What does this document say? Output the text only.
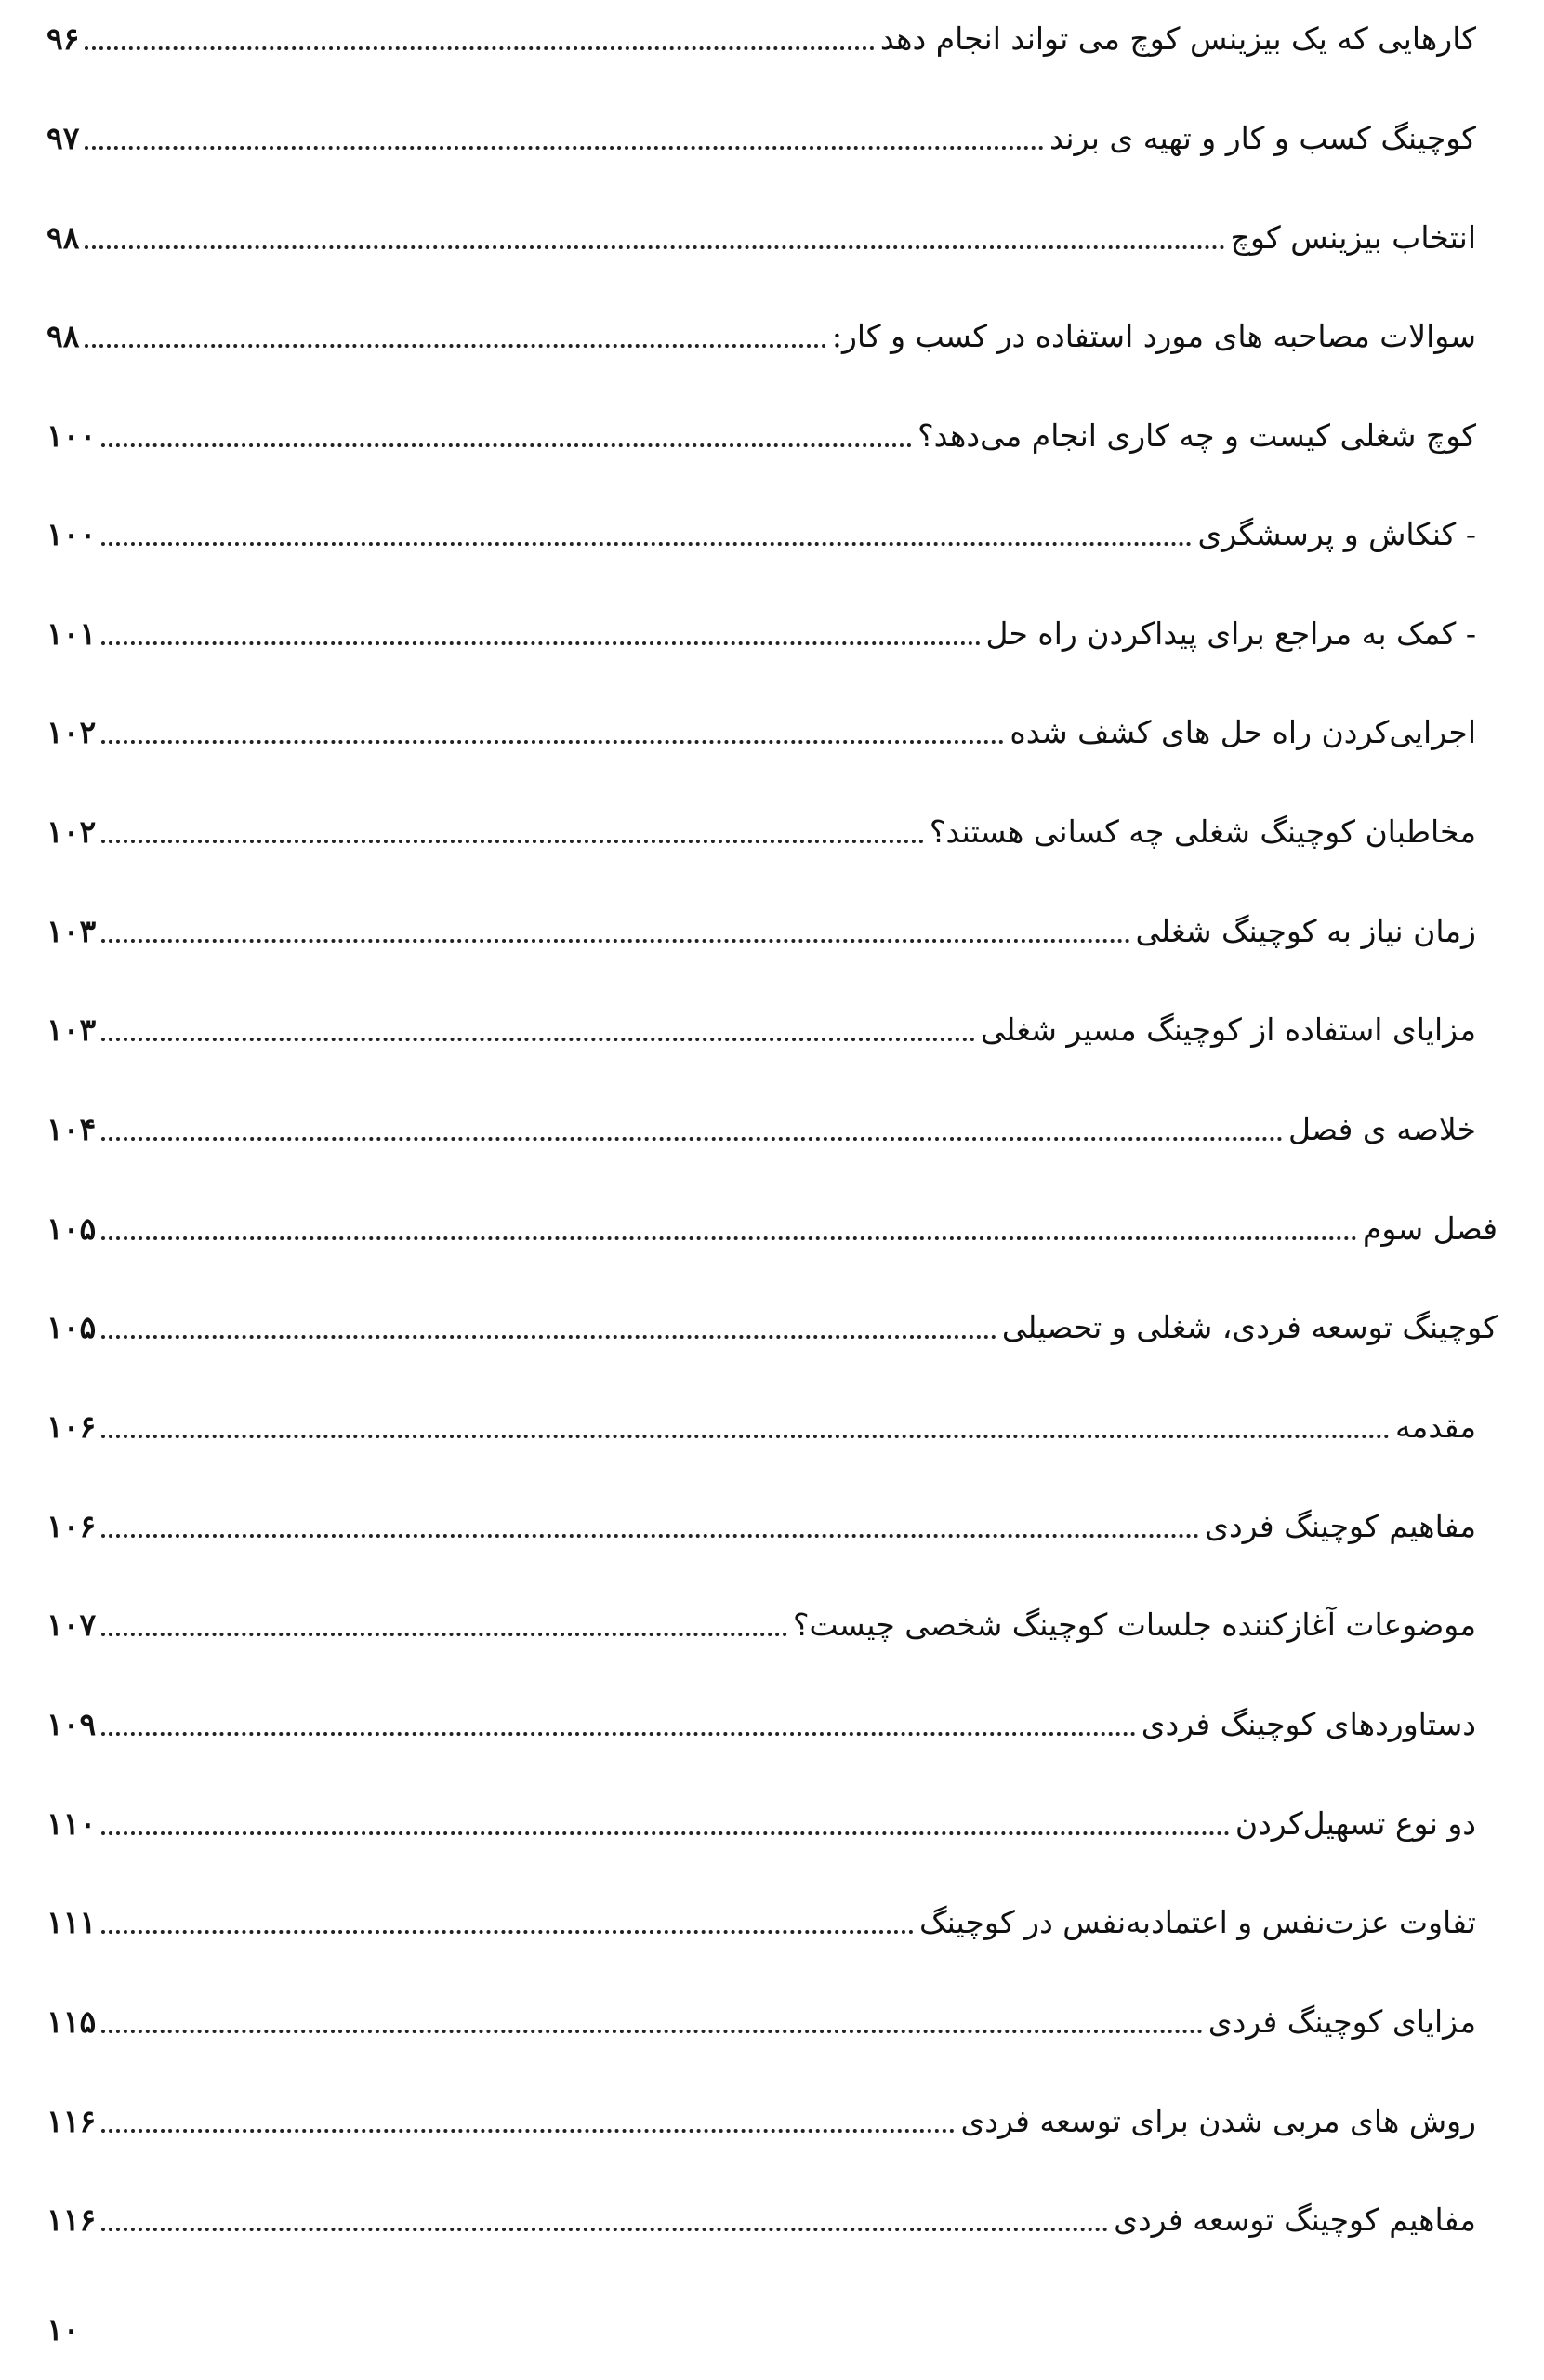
کارهایی که یک بیزینس کوچ می تواند انجام دهد
۹۶
کوچینگ کسب و کار و تهیه ی برند
۹۷
انتخاب بیزینس کوچ
۹۸
سوالات مصاحبه های مورد استفاده در کسب و کار:
۹۸
کوچ شغلی کیست و چه کاری انجام می‌دهد؟
۱۰۰
- کنکاش و پرسشگری
۱۰۰
- کمک به مراجع برای پیداکردن راه حل
۱۰۱
اجرایی‌کردن راه حل های کشف شده
۱۰۲
مخاطبان کوچینگ شغلی چه کسانی هستند؟
۱۰۲
زمان نیاز به کوچینگ شغلی
۱۰۳
مزایای استفاده از کوچینگ مسیر شغلی
۱۰۳
خلاصه ی فصل
۱۰۴
فصل سوم
۱۰۵
کوچینگ توسعه فردی، شغلی و تحصیلی
۱۰۵
مقدمه
۱۰۶
مفاهیم کوچینگ فردی
۱۰۶
موضوعات آغازکننده جلسات کوچینگ شخصی چیست؟
۱۰۷
دستاوردهای کوچینگ فردی
۱۰۹
دو نوع تسهیل‌کردن
۱۱۰
تفاوت عزت‌نفس و اعتمادبه‌نفس در کوچینگ
۱۱۱
مزایای کوچینگ فردی
۱۱۵
روش های مربی شدن برای توسعه فردی
۱۱۶
مفاهیم کوچینگ توسعه فردی
۱۱۶
۱۰
